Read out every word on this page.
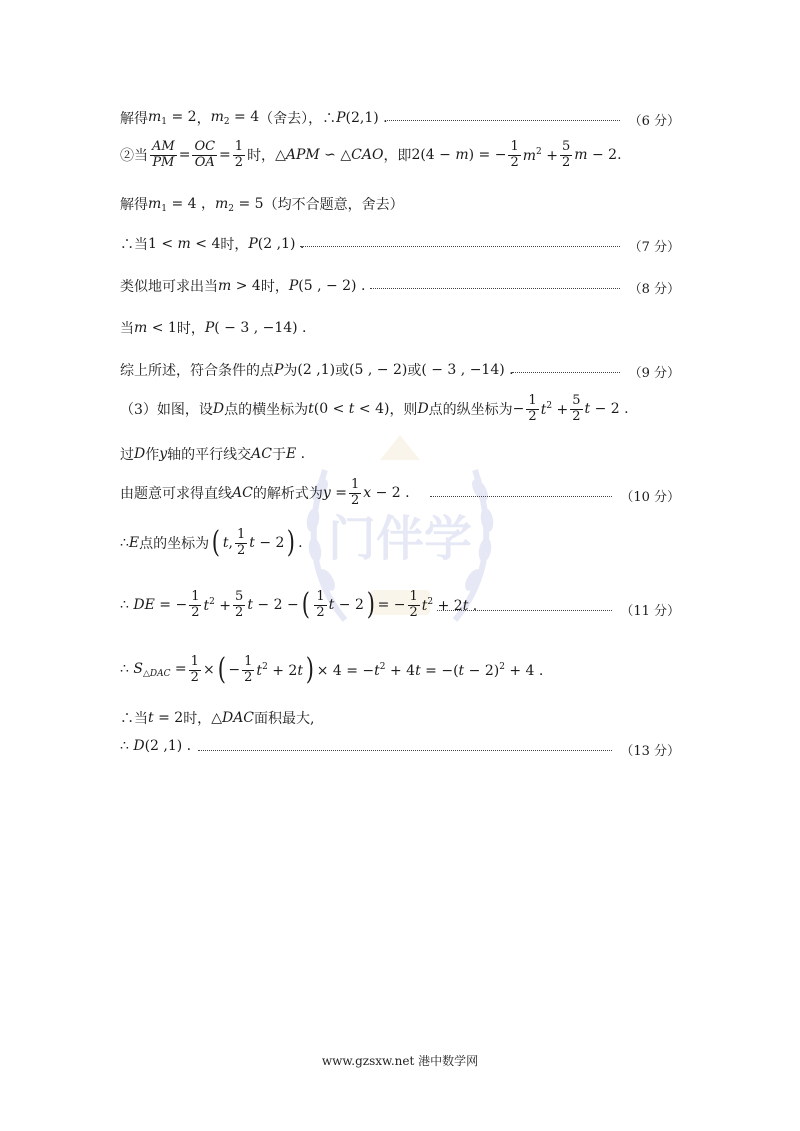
门伴学
解得 $m_1 = 2$ ， $m_2 = 4$ （舍去），∴ P(2,1) .	（6 分）
②当 $\frac{AM}{PM} = \frac{OC}{OA} = \frac{1}{2}$ 时， △APM ∽ △CAO ，即 2(4 − m) = − $\frac{1}{2} m^2 + \frac{5}{2}$ m − 2 .
解得 $m_1 = 4$ ，$m_2 = 5$ （均不合题意，舍去）
∴当 1 < m < 4 时， P(2 ,1) .	（7 分）
类似地可求出当 m > 4 时， P(5 , − 2) .	（8 分）
当 m < 1 时， P( − 3 , −14) .
综上所述，符合条件的点 P 为 (2 ,1) 或 (5 , − 2) 或 ( − 3 , −14) .	（9 分）
（3）如图，设 D 点的横坐标为 t(0 < t < 4) ，则 D 点的纵坐标为 − $\frac{1}{2} t^2 + \frac{5}{2}$ t − 2 .
过 D 作 y 轴的平行线交 AC 于 E .
由题意可求得直线 AC 的解析式为 $y = \frac{1}{2}$ x − 2 .	（10 分）
∴ E 点的坐标为 ( t, $\frac{1}{2}$ t − 2 ) .
∴ DE = − $\frac{1}{2} t^2 + \frac{5}{2}$ t − 2 − ( $\frac{1}{2}$ t − 2 ) = − $\frac{1}{2} t^2 + 2t$ .	（11 分）
∴ $S_{\triangle DAC} = \frac{1}{2}$ × ( − $\frac{1}{2} t^2 + 2t$ ) × $4 = -t^2 + 4t = -(t - 2)^2 + 4$ .
∴当 t = 2 时， △DAC 面积最大,
∴ D(2 ,1) .	（13 分）
www.gzsxw.net 港中数学网
